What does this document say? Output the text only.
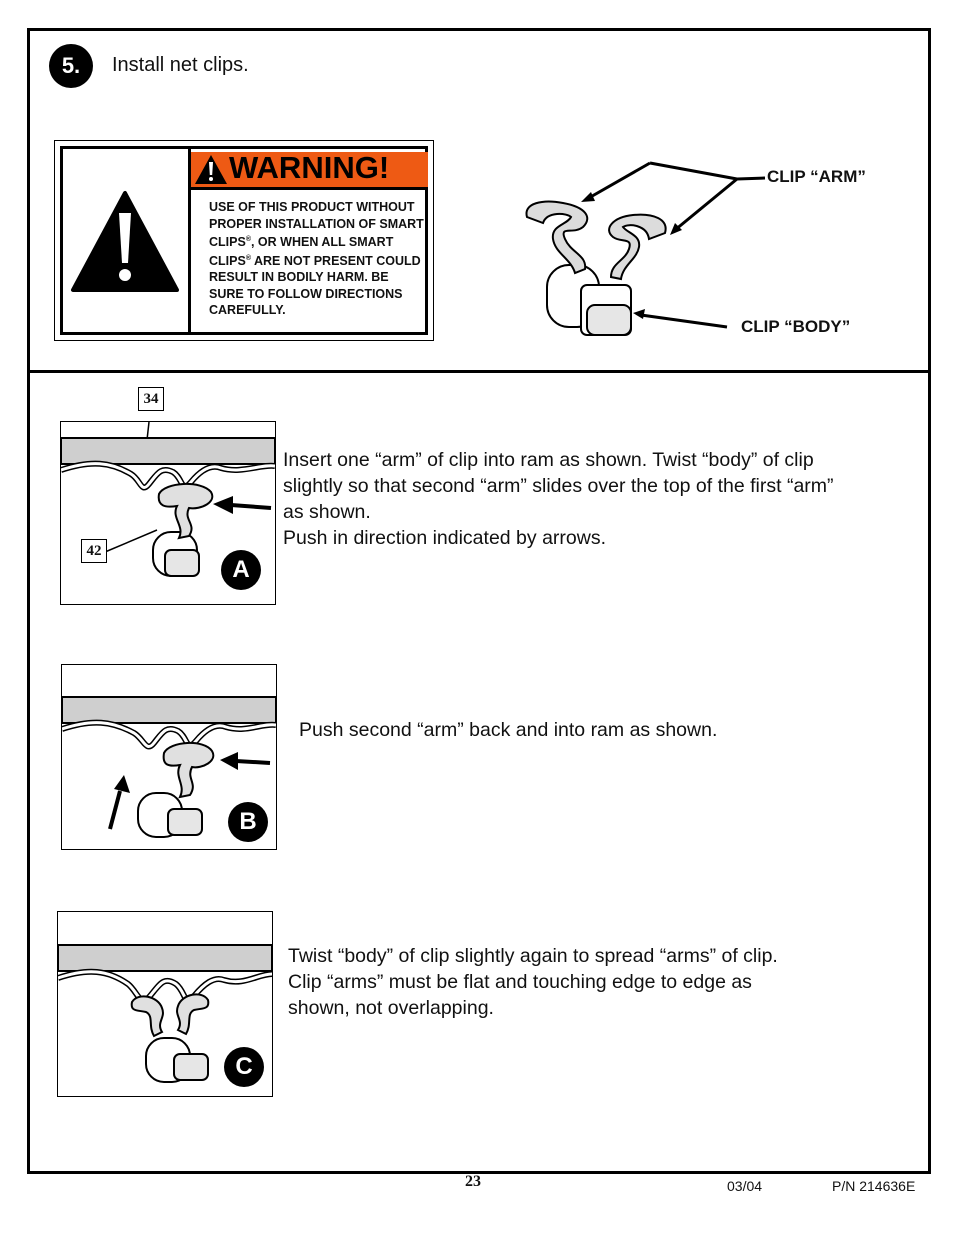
5. Install net clips.
WARNING!
USE OF THIS PRODUCT WITHOUT PROPER INSTALLATION OF SMART CLIPS®, OR WHEN ALL SMART CLIPS® ARE NOT PRESENT COULD RESULT IN BODILY HARM. BE SURE TO FOLLOW DIRECTIONS CAREFULLY.
CLIP “ARM”
CLIP “BODY”
34
A
42
Insert one “arm” of clip into ram as shown. Twist “body” of clip
slightly so that second “arm” slides over the top of the first “arm”
as shown.
Push in direction indicated by arrows.
B
Push second “arm” back and into ram as shown.
C
Twist “body” of clip slightly again to spread “arms” of clip.
Clip “arms” must be flat and touching edge to edge as
shown, not overlapping.
23	03/04	P/N 214636E
